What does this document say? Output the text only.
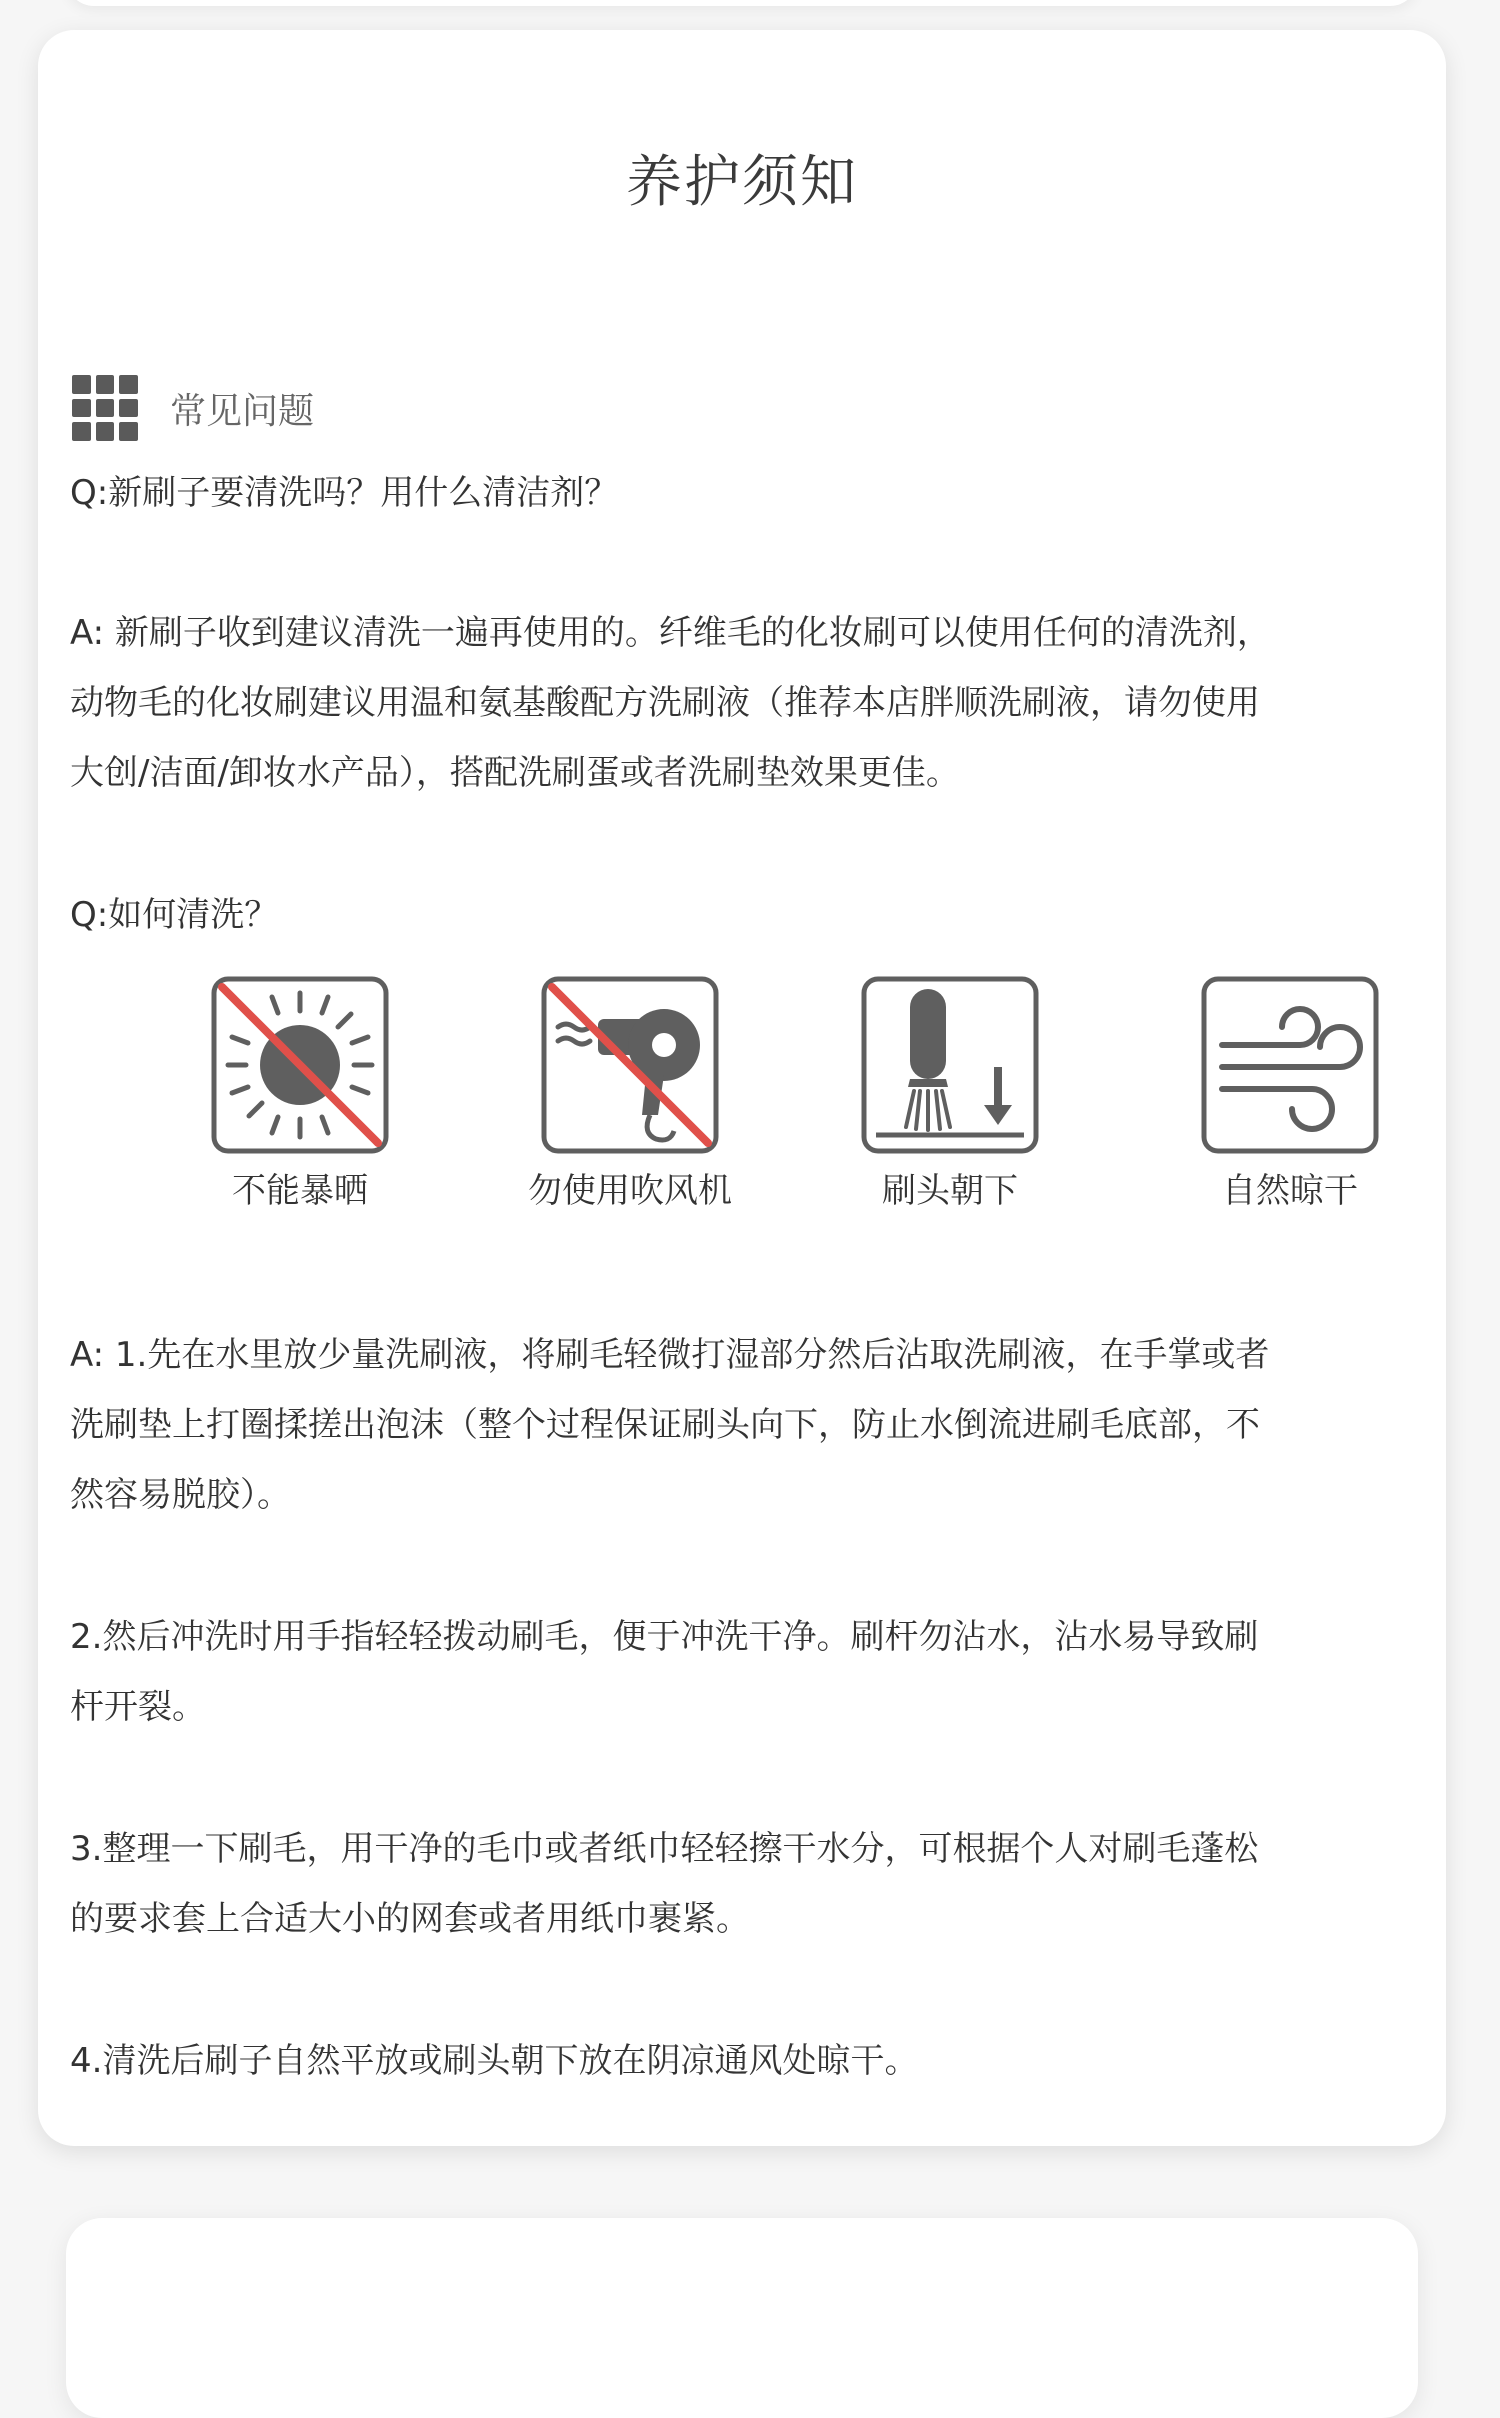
养护须知
常见问题
Q:新刷子要清洗吗？用什么清洁剂？
A: 新刷子收到建议清洗一遍再使用的。纤维毛的化妆刷可以使用任何的清洗剂，
动物毛的化妆刷建议用温和氨基酸配方洗刷液（推荐本店胖顺洗刷液，请勿使用
大创/洁面/卸妆水产品），搭配洗刷蛋或者洗刷垫效果更佳。
Q:如何清洗？
不能暴晒	勿使用吹风机	刷头朝下	自然晾干
A: 1.先在水里放少量洗刷液，将刷毛轻微打湿部分然后沾取洗刷液，在手掌或者
洗刷垫上打圈揉搓出泡沫（整个过程保证刷头向下，防止水倒流进刷毛底部，不
然容易脱胶）。
2.然后冲洗时用手指轻轻拨动刷毛，便于冲洗干净。刷杆勿沾水，沾水易导致刷
杆开裂。
3.整理一下刷毛，用干净的毛巾或者纸巾轻轻擦干水分，可根据个人对刷毛蓬松
的要求套上合适大小的网套或者用纸巾裹紧。
4.清洗后刷子自然平放或刷头朝下放在阴凉通风处晾干。
